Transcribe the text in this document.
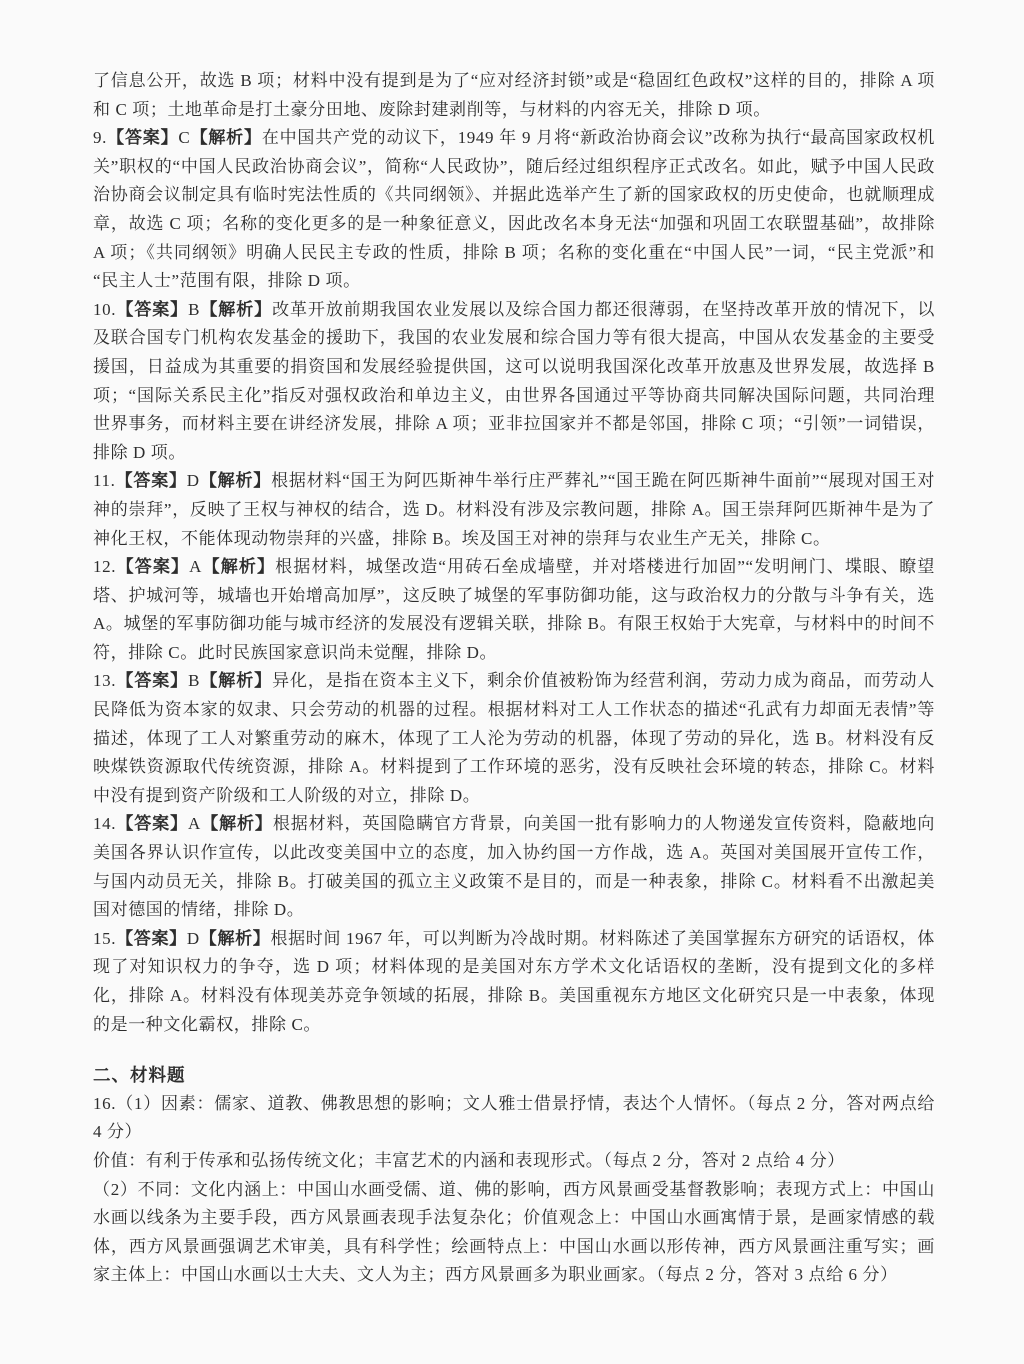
了信息公开，故选 B 项；材料中没有提到是为了“应对经济封锁”或是“稳固红色政权”这样的目的，排除 A 项和 C 项；土地革命是打土豪分田地、废除封建剥削等，与材料的内容无关，排除 D 项。

9.【答案】C【解析】在中国共产党的动议下，1949 年 9 月将“新政治协商会议”改称为执行“最高国家政权机关”职权的“中国人民政治协商会议”，简称“人民政协”，随后经过组织程序正式改名。如此，赋予中国人民政治协商会议制定具有临时宪法性质的《共同纲领》、并据此选举产生了新的国家政权的历史使命，也就顺理成章，故选 C 项；名称的变化更多的是一种象征意义，因此改名本身无法“加强和巩固工农联盟基础”，故排除 A 项；《共同纲领》明确人民民主专政的性质，排除 B 项；名称的变化重在“中国人民”一词，“民主党派”和“民主人士”范围有限，排除 D 项。

10.【答案】B【解析】改革开放前期我国农业发展以及综合国力都还很薄弱，在坚持改革开放的情况下，以及联合国专门机构农发基金的援助下，我国的农业发展和综合国力等有很大提高，中国从农发基金的主要受援国，日益成为其重要的捐资国和发展经验提供国，这可以说明我国深化改革开放惠及世界发展，故选择 B 项；“国际关系民主化”指反对强权政治和单边主义，由世界各国通过平等协商共同解决国际问题，共同治理世界事务，而材料主要在讲经济发展，排除 A 项；亚非拉国家并不都是邻国，排除 C 项；“引领”一词错误，排除 D 项。

11.【答案】D【解析】根据材料“国王为阿匹斯神牛举行庄严葬礼”“国王跪在阿匹斯神牛面前”“展现对国王对神的崇拜”，反映了王权与神权的结合，选 D。材料没有涉及宗教问题，排除 A。国王崇拜阿匹斯神牛是为了神化王权，不能体现动物崇拜的兴盛，排除 B。埃及国王对神的崇拜与农业生产无关，排除 C。

12.【答案】A【解析】根据材料，城堡改造“用砖石垒成墙壁，并对塔楼进行加固”“发明闸门、堞眼、瞭望塔、护城河等，城墙也开始增高加厚”，这反映了城堡的军事防御功能，这与政治权力的分散与斗争有关，选 A。城堡的军事防御功能与城市经济的发展没有逻辑关联，排除 B。有限王权始于大宪章，与材料中的时间不符，排除 C。此时民族国家意识尚未觉醒，排除 D。

13.【答案】B【解析】异化，是指在资本主义下，剩余价值被粉饰为经营利润，劳动力成为商品，而劳动人民降低为资本家的奴隶、只会劳动的机器的过程。根据材料对工人工作状态的描述“孔武有力却面无表情”等描述，体现了工人对繁重劳动的麻木，体现了工人沦为劳动的机器，体现了劳动的异化，选 B。材料没有反映煤铁资源取代传统资源，排除 A。材料提到了工作环境的恶劣，没有反映社会环境的转态，排除 C。材料中没有提到资产阶级和工人阶级的对立，排除 D。

14.【答案】A【解析】根据材料，英国隐瞒官方背景，向美国一批有影响力的人物递发宣传资料，隐蔽地向美国各界认识作宣传，以此改变美国中立的态度，加入协约国一方作战，选 A。英国对美国展开宣传工作，与国内动员无关，排除 B。打破美国的孤立主义政策不是目的，而是一种表象，排除 C。材料看不出激起美国对德国的情绪，排除 D。

15.【答案】D【解析】根据时间 1967 年，可以判断为冷战时期。材料陈述了美国掌握东方研究的话语权，体现了对知识权力的争夺，选 D 项；材料体现的是美国对东方学术文化话语权的垄断，没有提到文化的多样化，排除 A。材料没有体现美苏竞争领域的拓展，排除 B。美国重视东方地区文化研究只是一中表象，体现的是一种文化霸权，排除 C。

二、材料题

16.（1）因素：儒家、道教、佛教思想的影响；文人雅士借景抒情，表达个人情怀。（每点 2 分，答对两点给 4 分）

价值：有利于传承和弘扬传统文化；丰富艺术的内涵和表现形式。（每点 2 分，答对 2 点给 4 分）

（2）不同：文化内涵上：中国山水画受儒、道、佛的影响，西方风景画受基督教影响；表现方式上：中国山水画以线条为主要手段，西方风景画表现手法复杂化；价值观念上：中国山水画寓情于景，是画家情感的载体，西方风景画强调艺术审美，具有科学性；绘画特点上：中国山水画以形传神，西方风景画注重写实；画家主体上：中国山水画以士大夫、文人为主；西方风景画多为职业画家。（每点 2 分，答对 3 点给 6 分）
